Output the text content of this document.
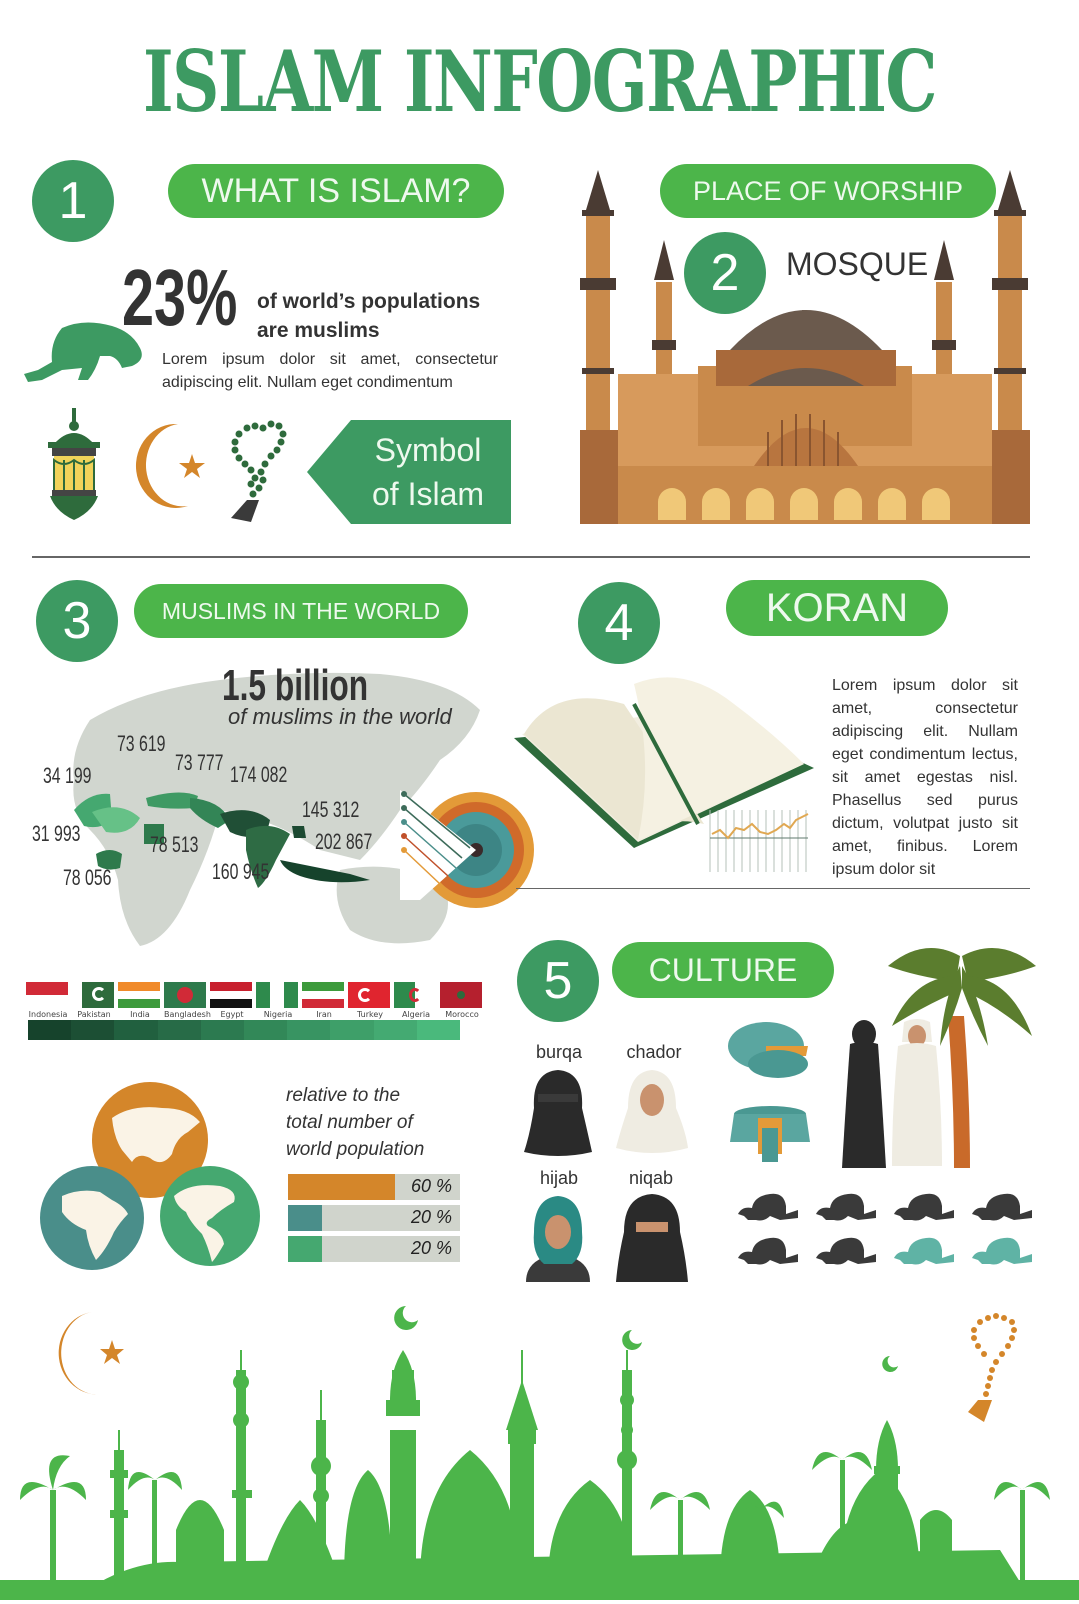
ISLAM INFOGRAPHIC
1	WHAT IS ISLAM?
23% of world’s populations
are muslims
Lorem ipsum dolor sit amet, consectetur adipiscing elit. Nullam eget condimentum
Symbol
of Islam
PLACE OF WORSHIP
2	MOSQUE
3	MUSLIMS IN THE WORLD
1.5 billion
of muslims in the world
73 619
73 777 174 082
34 199
145 312
31 993	78 513	202 867
160 945
78 056
Indonesia	Pakistan	India	Bangladesh	Egypt	Nigeria	Iran	Turkey	Algeria	Morocco
relative to the
total number of
world population
60 %
20 %
20 %
4	KORAN
Lorem ipsum dolor sit amet, consectetur adipiscing elit. Nullam eget condimentum lectus, sit amet egestas nisl. Phasellus sed purus dictum, volutpat justo sit amet, finibus. Lorem ipsum dolor sit
5	CULTURE
burqa	chador
hijab	niqab
